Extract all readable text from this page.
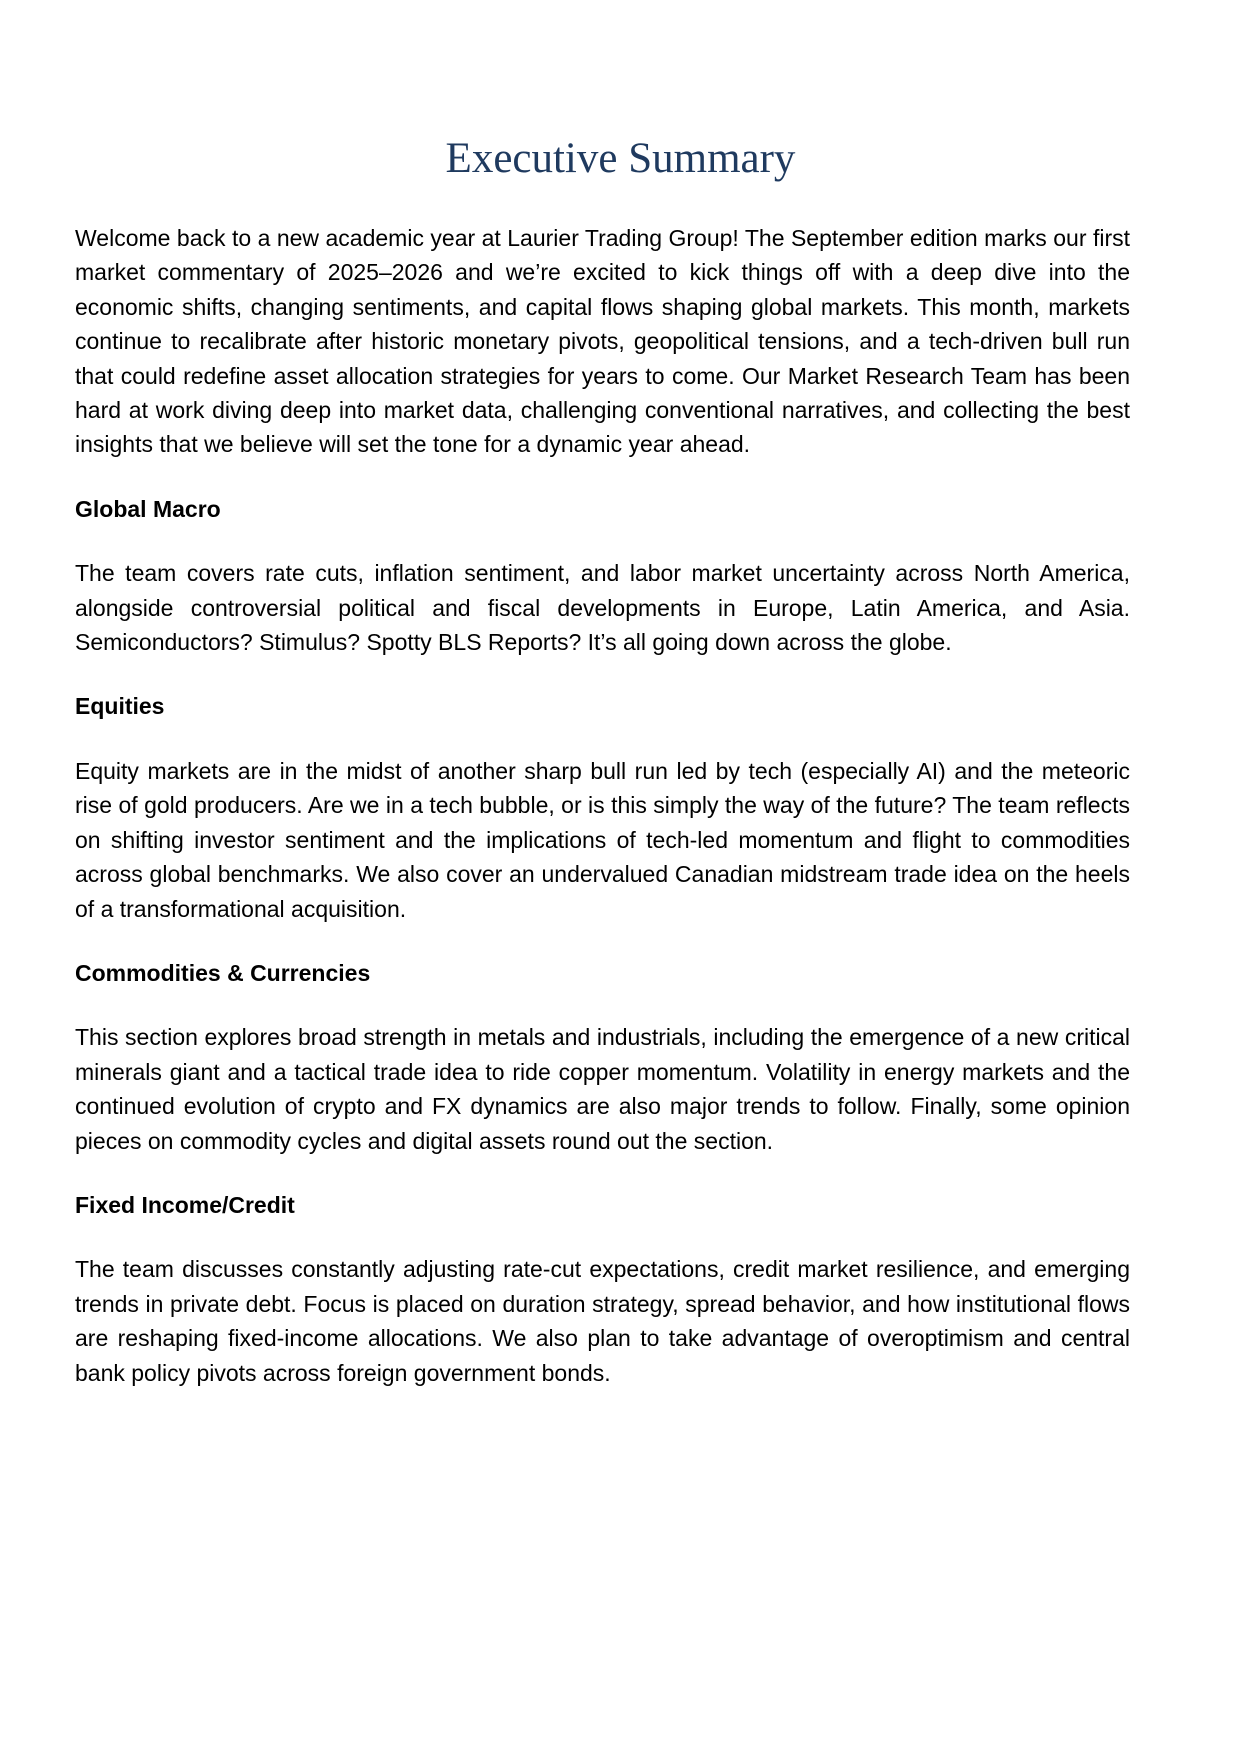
Executive Summary

Welcome back to a new academic year at Laurier Trading Group! The September edition marks our first market commentary of 2025–2026 and we’re excited to kick things off with a deep dive into the economic shifts, changing sentiments, and capital flows shaping global markets. This month, markets continue to recalibrate after historic monetary pivots, geopolitical tensions, and a tech-driven bull run that could redefine asset allocation strategies for years to come. Our Market Research Team has been hard at work diving deep into market data, challenging conventional narratives, and collecting the best insights that we believe will set the tone for a dynamic year ahead.

Global Macro

The team covers rate cuts, inflation sentiment, and labor market uncertainty across North America, alongside controversial political and fiscal developments in Europe, Latin America, and Asia. Semiconductors? Stimulus? Spotty BLS Reports? It’s all going down across the globe.

Equities

Equity markets are in the midst of another sharp bull run led by tech (especially AI) and the meteoric rise of gold producers. Are we in a tech bubble, or is this simply the way of the future? The team reflects on shifting investor sentiment and the implications of tech-led momentum and flight to commodities across global benchmarks. We also cover an undervalued Canadian midstream trade idea on the heels of a transformational acquisition.

Commodities & Currencies

This section explores broad strength in metals and industrials, including the emergence of a new critical minerals giant and a tactical trade idea to ride copper momentum. Volatility in energy markets and the continued evolution of crypto and FX dynamics are also major trends to follow. Finally, some opinion pieces on commodity cycles and digital assets round out the section.

Fixed Income/Credit

The team discusses constantly adjusting rate-cut expectations, credit market resilience, and emerging trends in private debt. Focus is placed on duration strategy, spread behavior, and how institutional flows are reshaping fixed-income allocations. We also plan to take advantage of overoptimism and central bank policy pivots across foreign government bonds.
